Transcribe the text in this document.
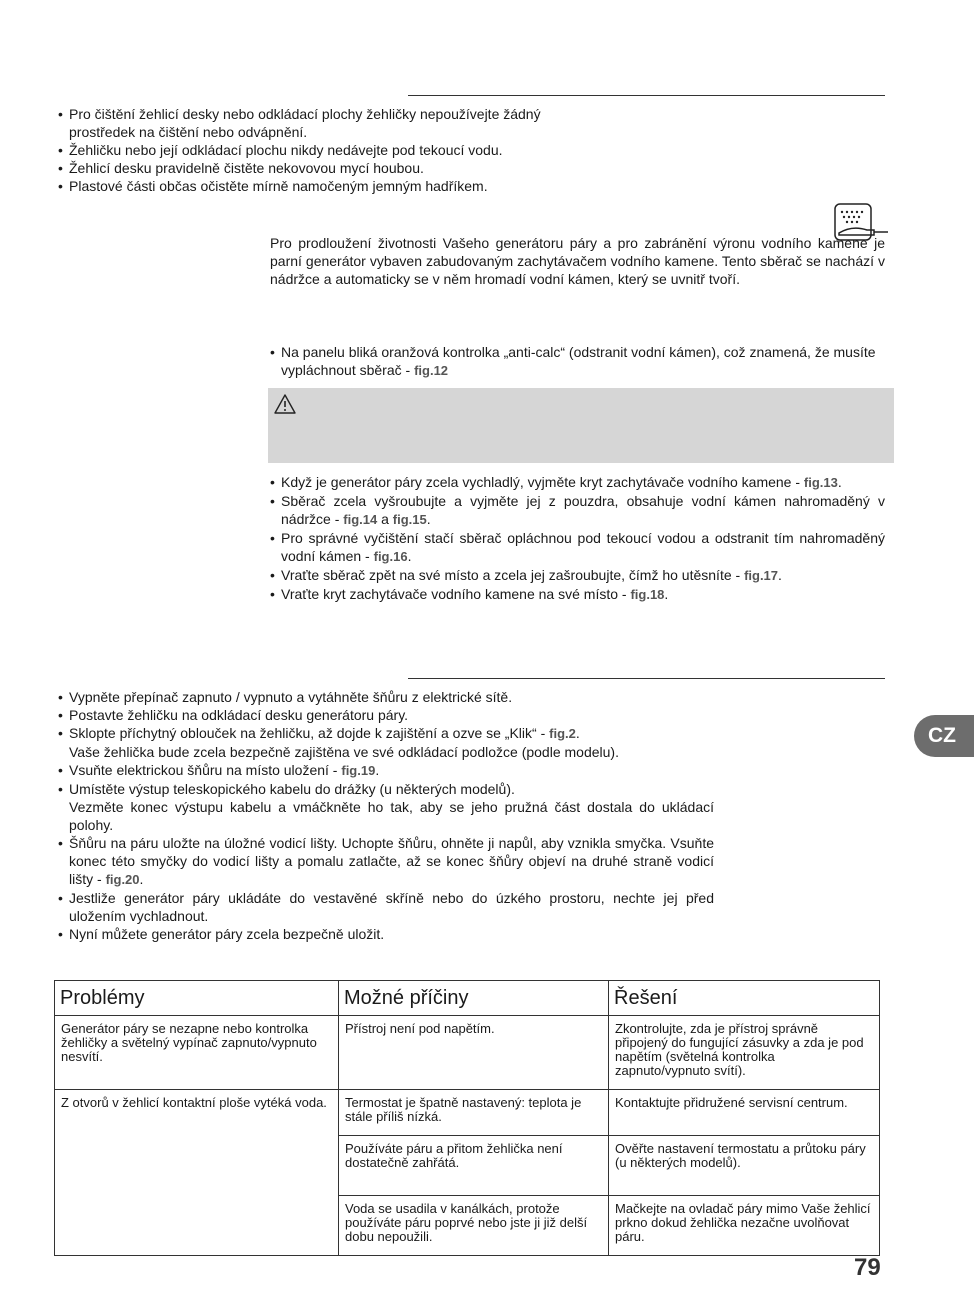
• Pro čištění žehlicí desky nebo odkládací plochy žehličky nepoužívejte žádný prostředek na čištění nebo odvápnění.

• Žehličku nebo její odkládací plochu nikdy nedávejte pod tekoucí vodu.

• Žehlicí desku pravidelně čistěte nekovovou mycí houbou.

• Plastové části občas očistěte mírně namočeným jemným hadříkem.

Pro prodloužení životnosti Vašeho generátoru páry a pro zabránění výronu vodního kamene je parní generátor vybaven zabudovaným zachytávačem vodního kamene. Tento sběrač se nachází v nádržce a automaticky se v něm hromadí vodní kámen, který se uvnitř tvoří.

• Na panelu bliká oranžová kontrolka „anti-calc“ (odstranit vodní kámen), což znamená, že musíte vypláchnout sběrač - fig.12

• Když je generátor páry zcela vychladlý, vyjměte kryt zachytávače vodního kamene - fig.13.

• Sběrač zcela vyšroubujte a vyjměte jej z pouzdra, obsahuje vodní kámen nahromaděný v nádržce - fig.14 a fig.15.

• Pro správné vyčištění stačí sběrač opláchnou pod tekoucí vodou a odstranit tím nahromaděný vodní kámen - fig.16.

• Vraťte sběrač zpět na své místo a zcela jej zašroubujte, čímž ho utěsníte - fig.17.

• Vraťte kryt zachytávače vodního kamene na své místo - fig.18.

• Vypněte přepínač zapnuto / vypnuto a vytáhněte šňůru z elektrické sítě.

• Postavte žehličku na odkládací desku generátoru páry.

• Sklopte příchytný oblouček na žehličku, až dojde k zajištění a ozve se „Klik“ - fig.2.
Vaše žehlička bude zcela bezpečně zajištěna ve své odkládací podložce (podle modelu).

• Vsuňte elektrickou šňůru na místo uložení - fig.19.

• Umístěte výstup teleskopického kabelu do drážky (u některých modelů).
Vezměte konec výstupu kabelu a vmáčkněte ho tak, aby se jeho pružná část dostala do ukládací polohy.

• Šňůru na páru uložte na úložné vodicí lišty. Uchopte šňůru, ohněte ji napůl, aby vznikla smyčka. Vsuňte konec této smyčky do vodicí lišty a pomalu zatlačte, až se konec šňůry objeví na druhé straně vodicí lišty - fig.20.

• Jestliže generátor páry ukládáte do vestavěné skříně nebo do úzkého prostoru, nechte jej před uložením vychladnout.

• Nyní můžete generátor páry zcela bezpečně uložit.

CZ
Problémy	Možné příčiny	Řešení
Generátor páry se nezapne nebo kontrolka žehličky a světelný vypínač zapnuto/vypnuto nesvítí.	Přístroj není pod napětím.	Zkontrolujte, zda je přístroj správně připojený do fungující zásuvky a zda je pod napětím (světelná kontrolka zapnuto/vypnuto svítí).
Z otvorů v žehlicí kontaktní ploše vytéká voda.	Termostat je špatně nastavený: teplota je stále příliš nízká.	Kontaktujte přidružené servisní centrum.
	Používáte páru a přitom žehlička není dostatečně zahřátá.	Ověřte nastavení termostatu a průtoku páry (u některých modelů).
	Voda se usadila v kanálkách, protože používáte páru poprvé nebo jste ji již delší dobu nepoužili.	Mačkejte na ovladač páry mimo Vaše žehlicí prkno dokud žehlička nezačne uvolňovat páru.
79
